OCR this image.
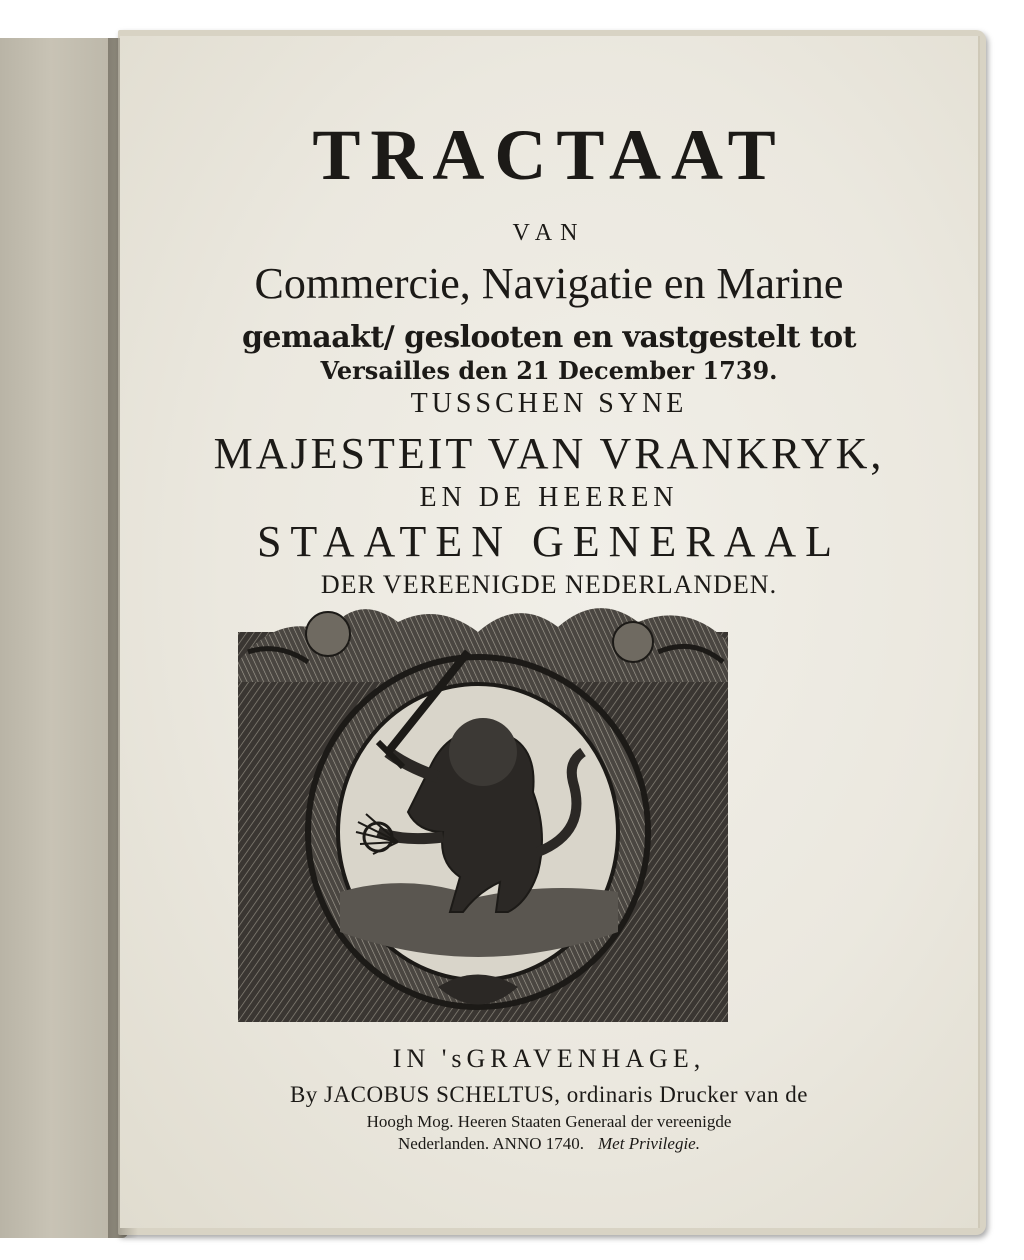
TRACTAAT
VAN
Commercie, Navigatie en Marine
gemaakt/ geslooten en vastgestelt tot
Versailles den 21 December 1739.
TUSSCHEN SYNE
MAJESTEIT VAN VRANKRYK,
EN DE HEEREN
STAATEN GENERAAL
DER VEREENIGDE NEDERLANDEN.
IN 'sGRAVENHAGE,
By JACOBUS SCHELTUS, ordinaris Drucker van de
Hoogh Mog. Heeren Staaten Generaal der vereenigde
Nederlanden. ANNO 1740. Met Privilegie.
